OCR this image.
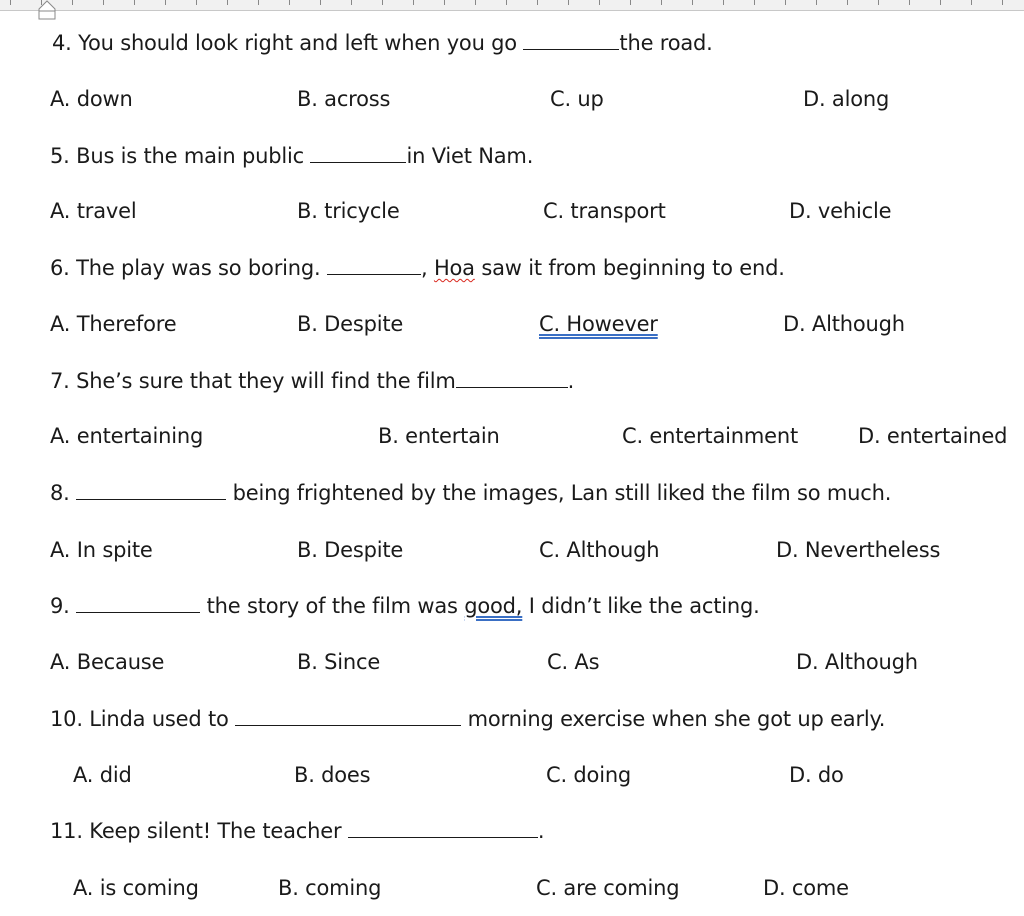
4. You should look right and left when you go	the road.
A. down	B. across	C. up	D. along
5. Bus is the main public	in Viet Nam.
A. travel	B. tricycle	C. transport	D. vehicle
6. The play was so boring.	, Hoa saw it from beginning to end.
A. Therefore	B. Despite	C. However	D. Although
7. She’s sure that they will find the film	.
A. entertaining	B. entertain	C. entertainment	D. entertained
8.	being frightened by the images, Lan still liked the film so much.
A. In spite	B. Despite	C. Although	D. Nevertheless
9.	the story of the film was good, I didn’t like the acting.
A. Because	B. Since	C. As	D. Although
10. Linda used to	morning exercise when she got up early.
A. did	B. does	C. doing	D. do
11. Keep silent! The teacher	.
A. is coming	B. coming	C. are coming	D. come
